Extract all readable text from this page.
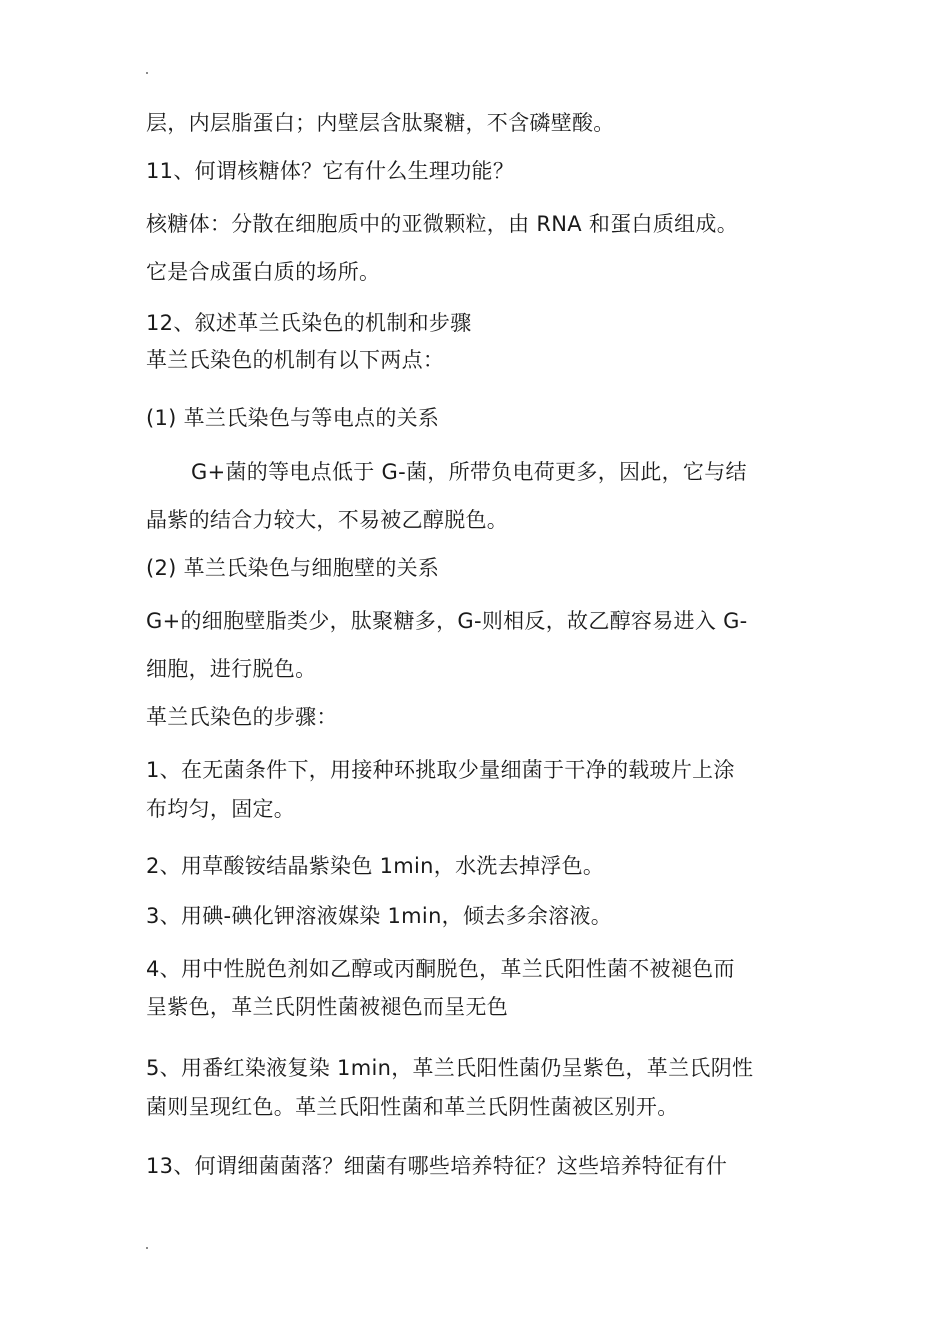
层，内层脂蛋白；内壁层含肽聚糖，不含磷壁酸。
11、何谓核糖体？它有什么生理功能？
核糖体：分散在细胞质中的亚微颗粒，由 RNA 和蛋白质组成。
它是合成蛋白质的场所。
12、叙述革兰氏染色的机制和步骤
革兰氏染色的机制有以下两点：
(1) 革兰氏染色与等电点的关系
G+菌的等电点低于 G-菌，所带负电荷更多，因此，它与结
晶紫的结合力较大，不易被乙醇脱色。
(2) 革兰氏染色与细胞壁的关系
G+的细胞壁脂类少，肽聚糖多，G-则相反，故乙醇容易进入 G-
细胞，进行脱色。
革兰氏染色的步骤：
1、在无菌条件下，用接种环挑取少量细菌于干净的载玻片上涂
布均匀，固定。
2、用草酸铵结晶紫染色 1min，水洗去掉浮色。
3、用碘-碘化钾溶液媒染 1min，倾去多余溶液。
4、用中性脱色剂如乙醇或丙酮脱色，革兰氏阳性菌不被褪色而
呈紫色，革兰氏阴性菌被褪色而呈无色
5、用番红染液复染 1min，革兰氏阳性菌仍呈紫色，革兰氏阴性
菌则呈现红色。革兰氏阳性菌和革兰氏阴性菌被区别开。
13、何谓细菌菌落？细菌有哪些培养特征？这些培养特征有什
